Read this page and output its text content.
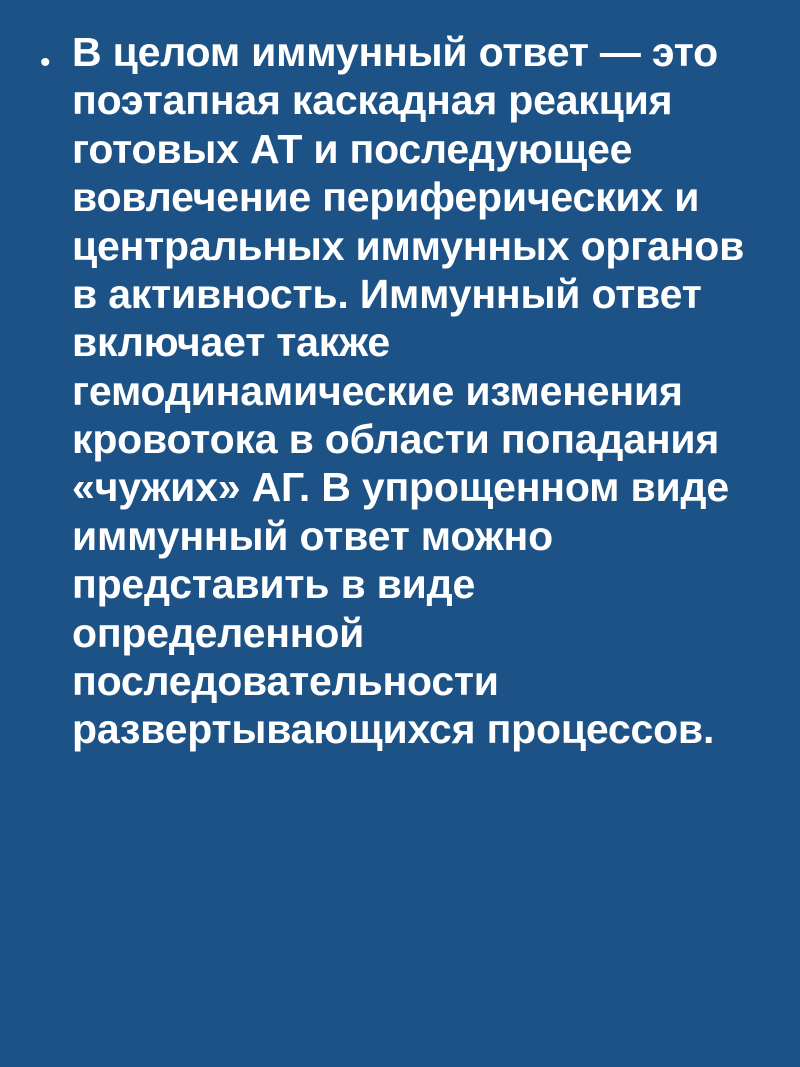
• В целом иммунный ответ — это поэтапная каскадная реакция готовых АТ и последующее вовлечение периферических и центральных иммунных органов в активность. Иммунный ответ включает также гемодинамические изменения кровотока в области попадания «чужих» АГ. В упрощенном виде иммунный ответ можно представить в виде определенной последовательности развертывающихся процессов.
